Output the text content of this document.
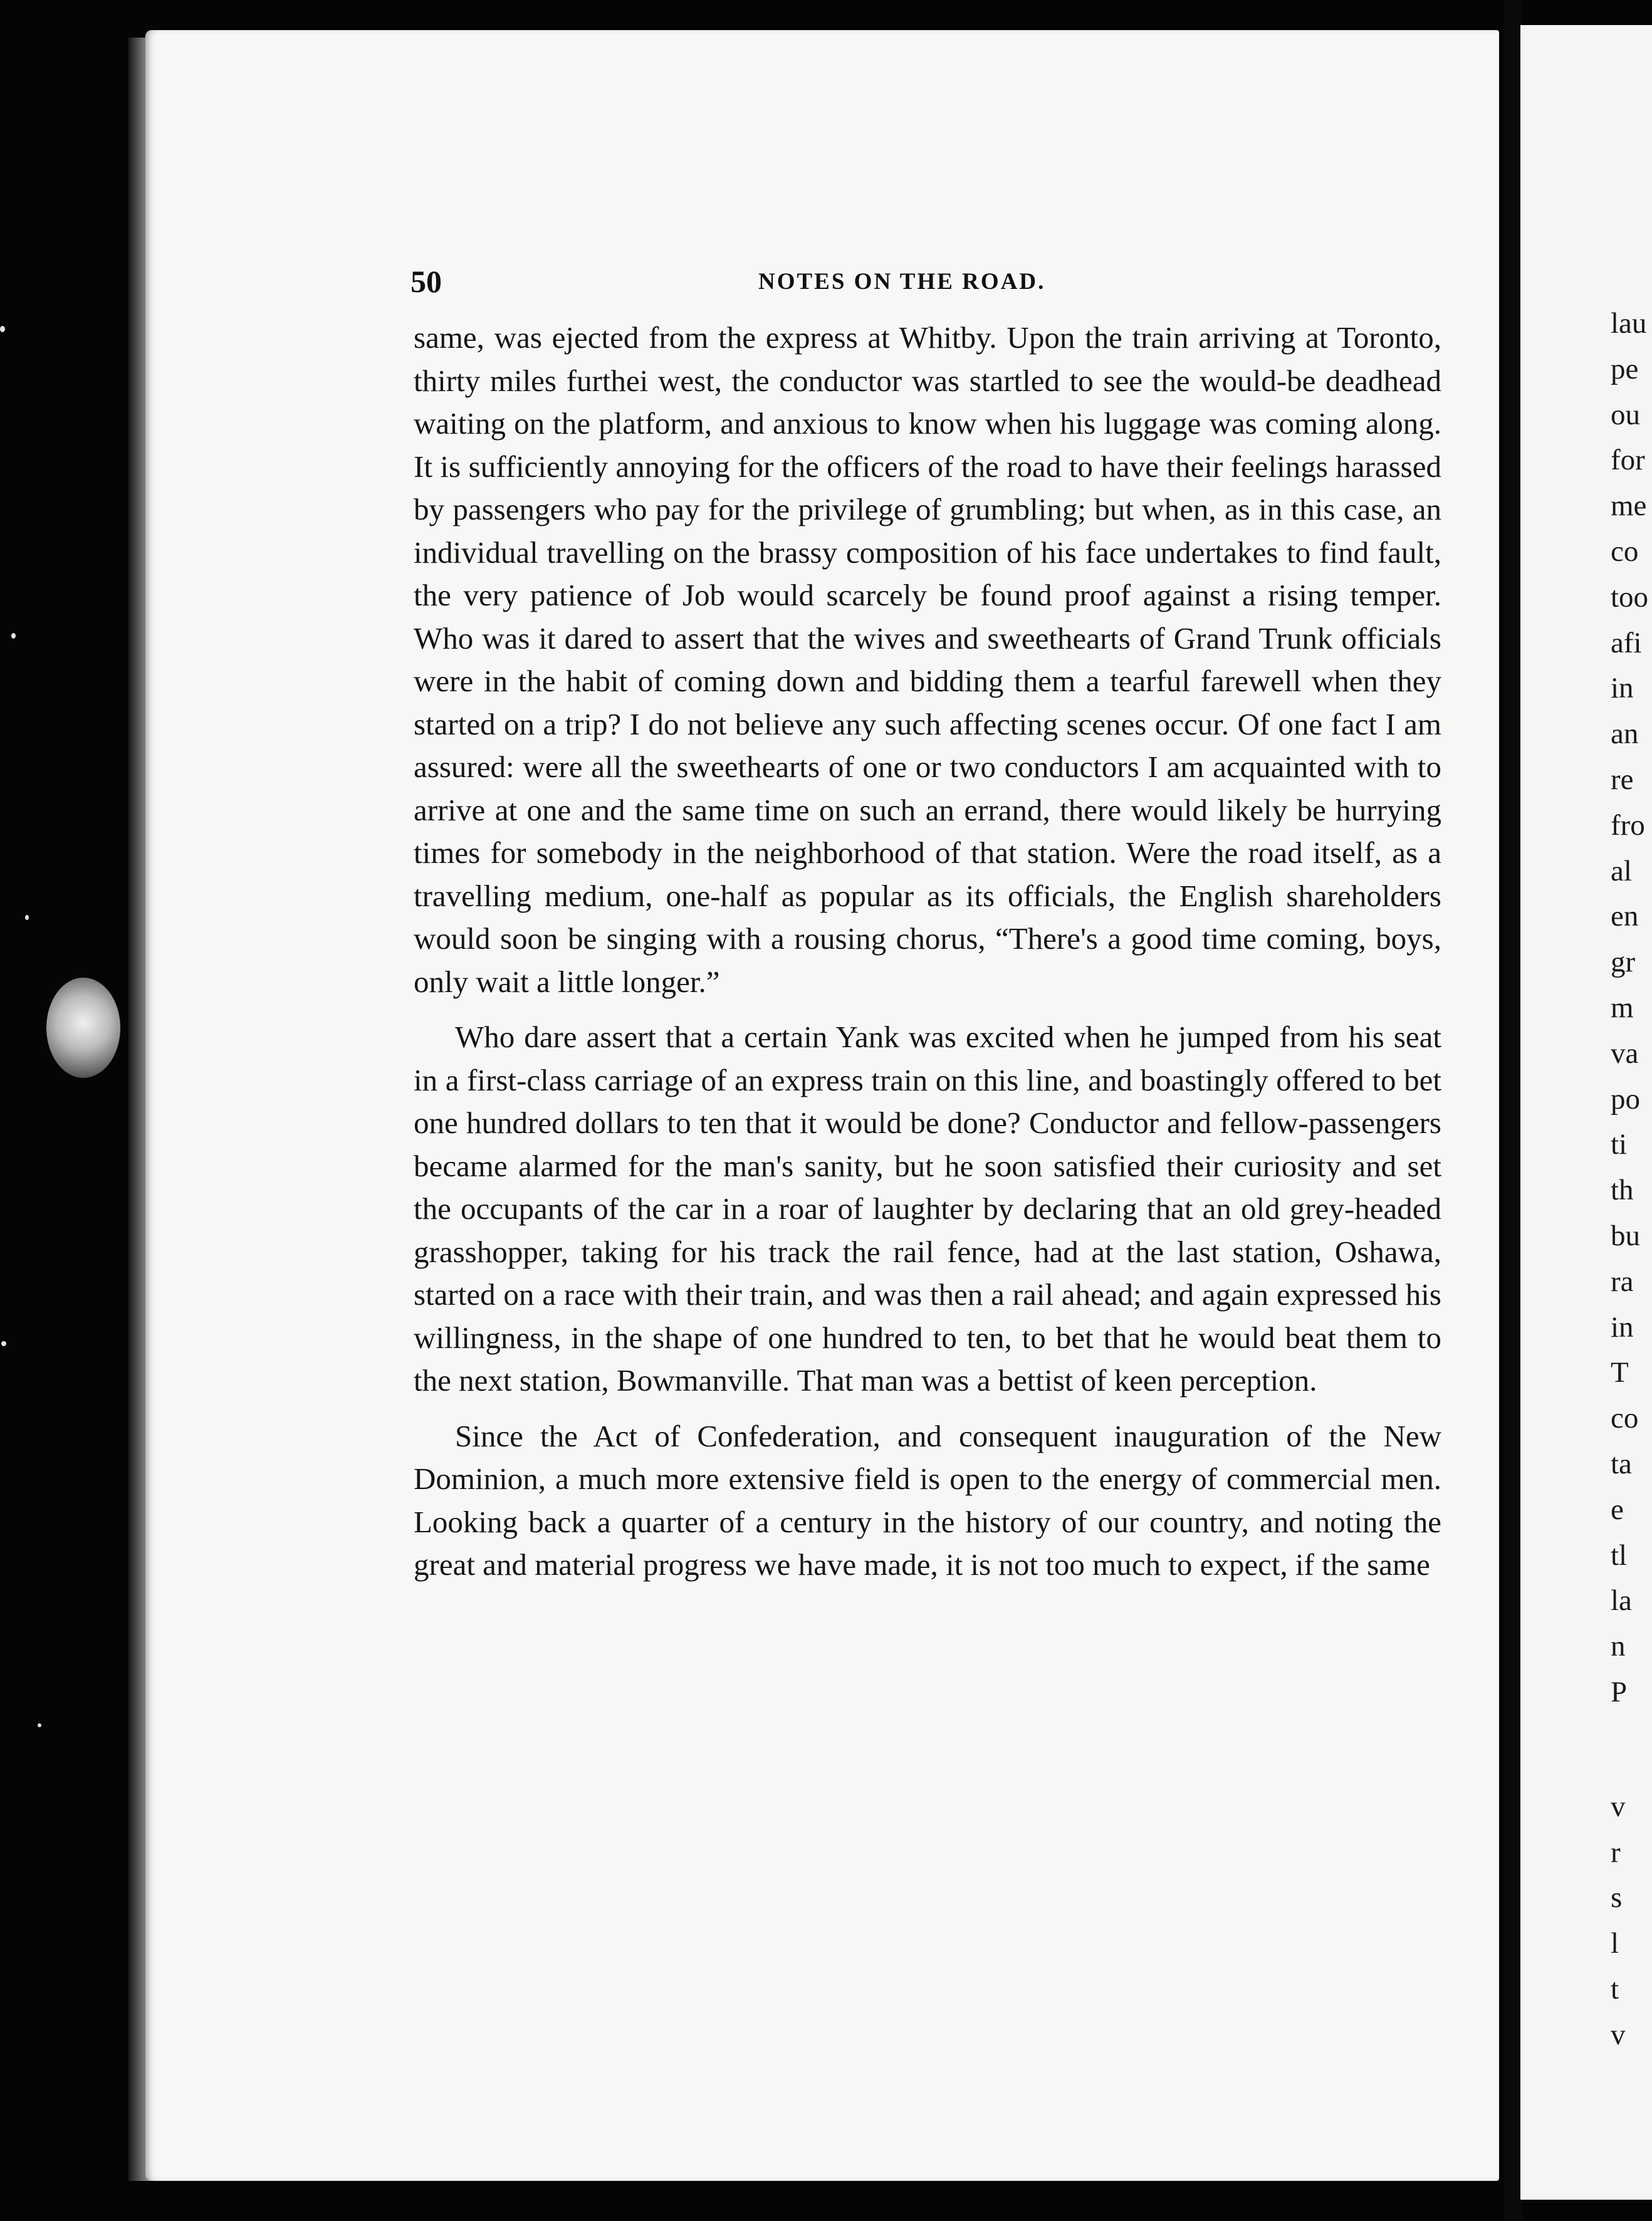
50	NOTES ON THE ROAD.

same, was ejected from the express at Whitby. Upon the train arriving at Toronto, thirty miles furthei west, the conductor was startled to see the would-be deadhead waiting on the platform, and anxious to know when his luggage was coming along. It is sufficiently annoying for the officers of the road to have their feelings harassed by passengers who pay for the privilege of grumbling; but when, as in this case, an individual travelling on the brassy composition of his face undertakes to find fault, the very patience of Job would scarcely be found proof against a rising temper. Who was it dared to assert that the wives and sweethearts of Grand Trunk officials were in the habit of coming down and bidding them a tearful farewell when they started on a trip? I do not believe any such affecting scenes occur. Of one fact I am assured: were all the sweethearts of one or two conductors I am acquainted with to arrive at one and the same time on such an errand, there would likely be hurrying times for somebody in the neighborhood of that station. Were the road itself, as a travelling medium, one-half as popular as its officials, the English shareholders would soon be singing with a rousing chorus, “There's a good time coming, boys, only wait a little longer.”

Who dare assert that a certain Yank was excited when he jumped from his seat in a first-class carriage of an express train on this line, and boastingly offered to bet one hundred dollars to ten that it would be done? Conductor and fellow-passengers became alarmed for the man's sanity, but he soon satisfied their curiosity and set the occupants of the car in a roar of laughter by declaring that an old grey-headed grasshopper, taking for his track the rail fence, had at the last station, Oshawa, started on a race with their train, and was then a rail ahead; and again expressed his willingness, in the shape of one hundred to ten, to bet that he would beat them to the next station, Bowmanville. That man was a bettist of keen perception.

Since the Act of Confederation, and consequent inauguration of the New Dominion, a much more extensive field is open to the energy of commercial men. Looking back a quarter of a century in the history of our country, and noting the great and material progress we have made, it is not too much to expect, if the same

lau
pe
ou
for
me
co
too
afi
in
an
re
fro
al
en
gr
m
va
po
ti
th
bu
ra
in
T
co
ta
e
tl
la
n
P
v
r
s
l
t
v
